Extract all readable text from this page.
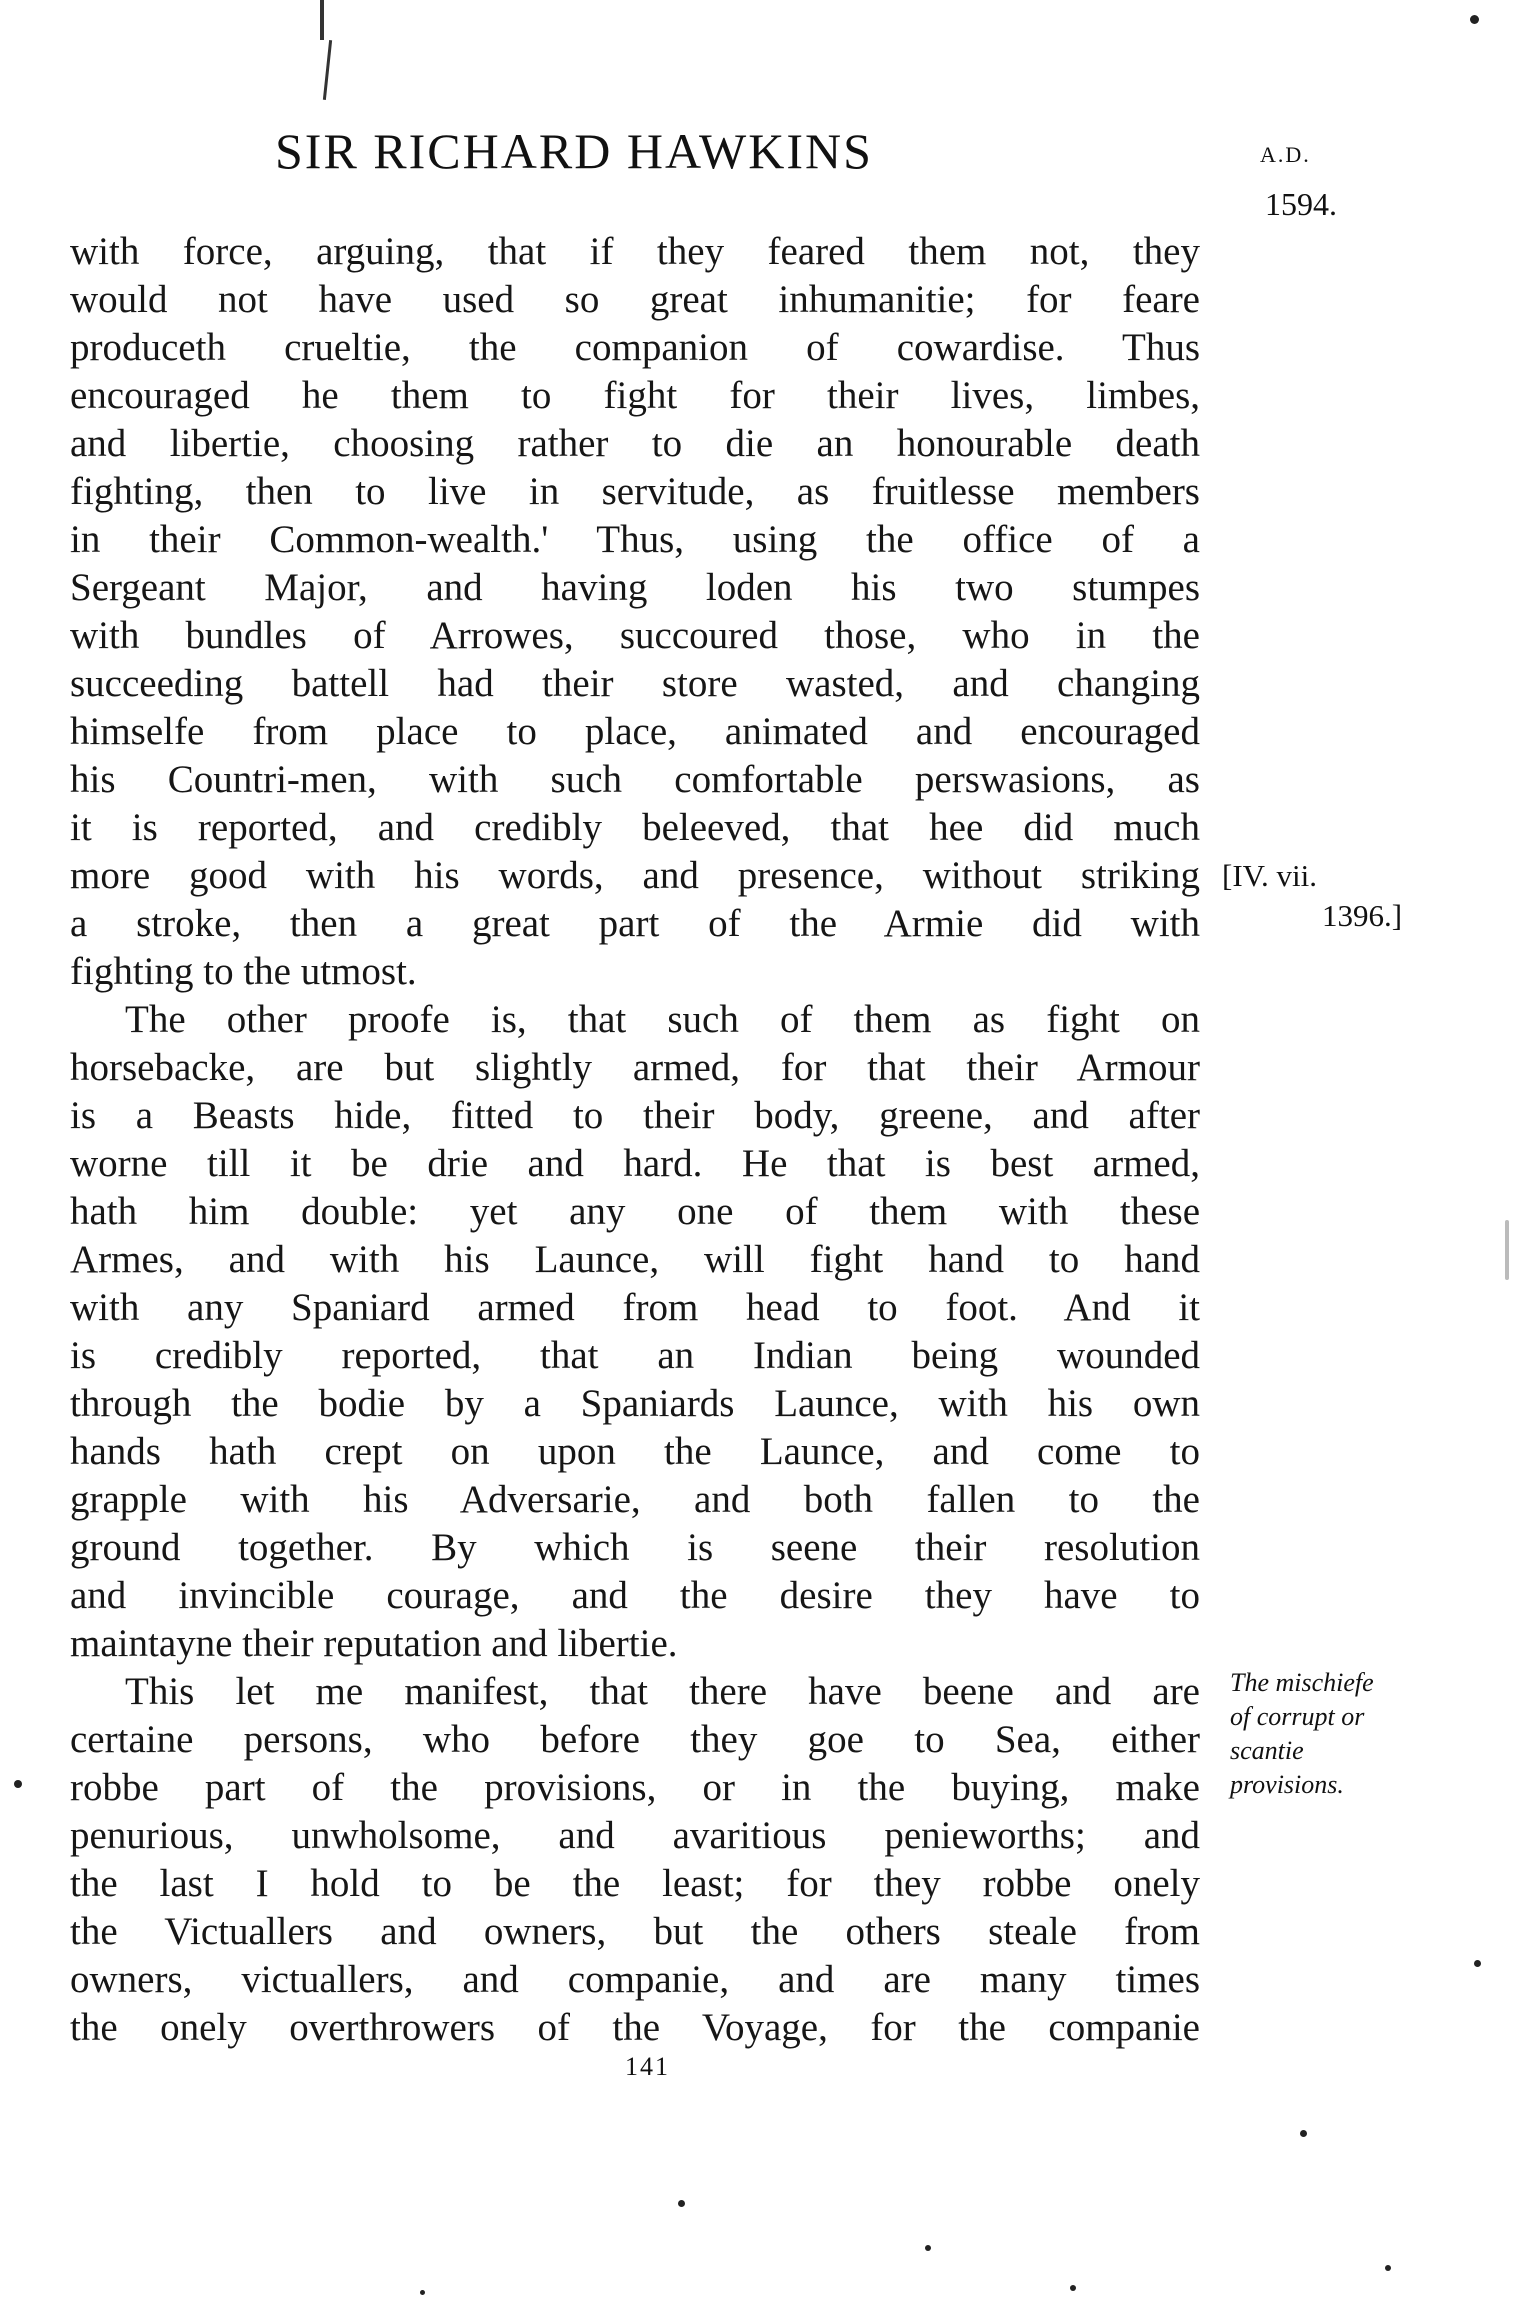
SIR RICHARD HAWKINS	A.D.
1594.
with force, arguing, that if they feared them not, they
would not have used so great inhumanitie; for feare
produceth crueltie, the companion of cowardise. Thus
encouraged he them to fight for their lives, limbes,
and libertie, choosing rather to die an honourable death
fighting, then to live in servitude, as fruitlesse members
in their Common-wealth.' Thus, using the office of a
Sergeant Major, and having loden his two stumpes
with bundles of Arrowes, succoured those, who in the
succeeding battell had their store wasted, and changing
himselfe from place to place, animated and encouraged
his Countri-men, with such comfortable perswasions, as
it is reported, and credibly beleeved, that hee did much
more good with his words, and presence, without striking
a stroke, then a great part of the Armie did with
fighting to the utmost.
The other proofe is, that such of them as fight on
horsebacke, are but slightly armed, for that their Armour
is a Beasts hide, fitted to their body, greene, and after
worne till it be drie and hard. He that is best armed,
hath him double: yet any one of them with these
Armes, and with his Launce, will fight hand to hand
with any Spaniard armed from head to foot. And it
is credibly reported, that an Indian being wounded
through the bodie by a Spaniards Launce, with his own
hands hath crept on upon the Launce, and come to
grapple with his Adversarie, and both fallen to the
ground together. By which is seene their resolution
and invincible courage, and the desire they have to
maintayne their reputation and libertie.
This let me manifest, that there have beene and are
certaine persons, who before they goe to Sea, either
robbe part of the provisions, or in the buying, make
penurious, unwholsome, and avaritious penieworths; and
the last I hold to be the least; for they robbe onely
the Victuallers and owners, but the others steale from
owners, victuallers, and companie, and are many times
the onely overthrowers of the Voyage, for the companie
[IV. vii.
1396.]
The mischiefe
of corrupt or
scantie
provisions.
141
